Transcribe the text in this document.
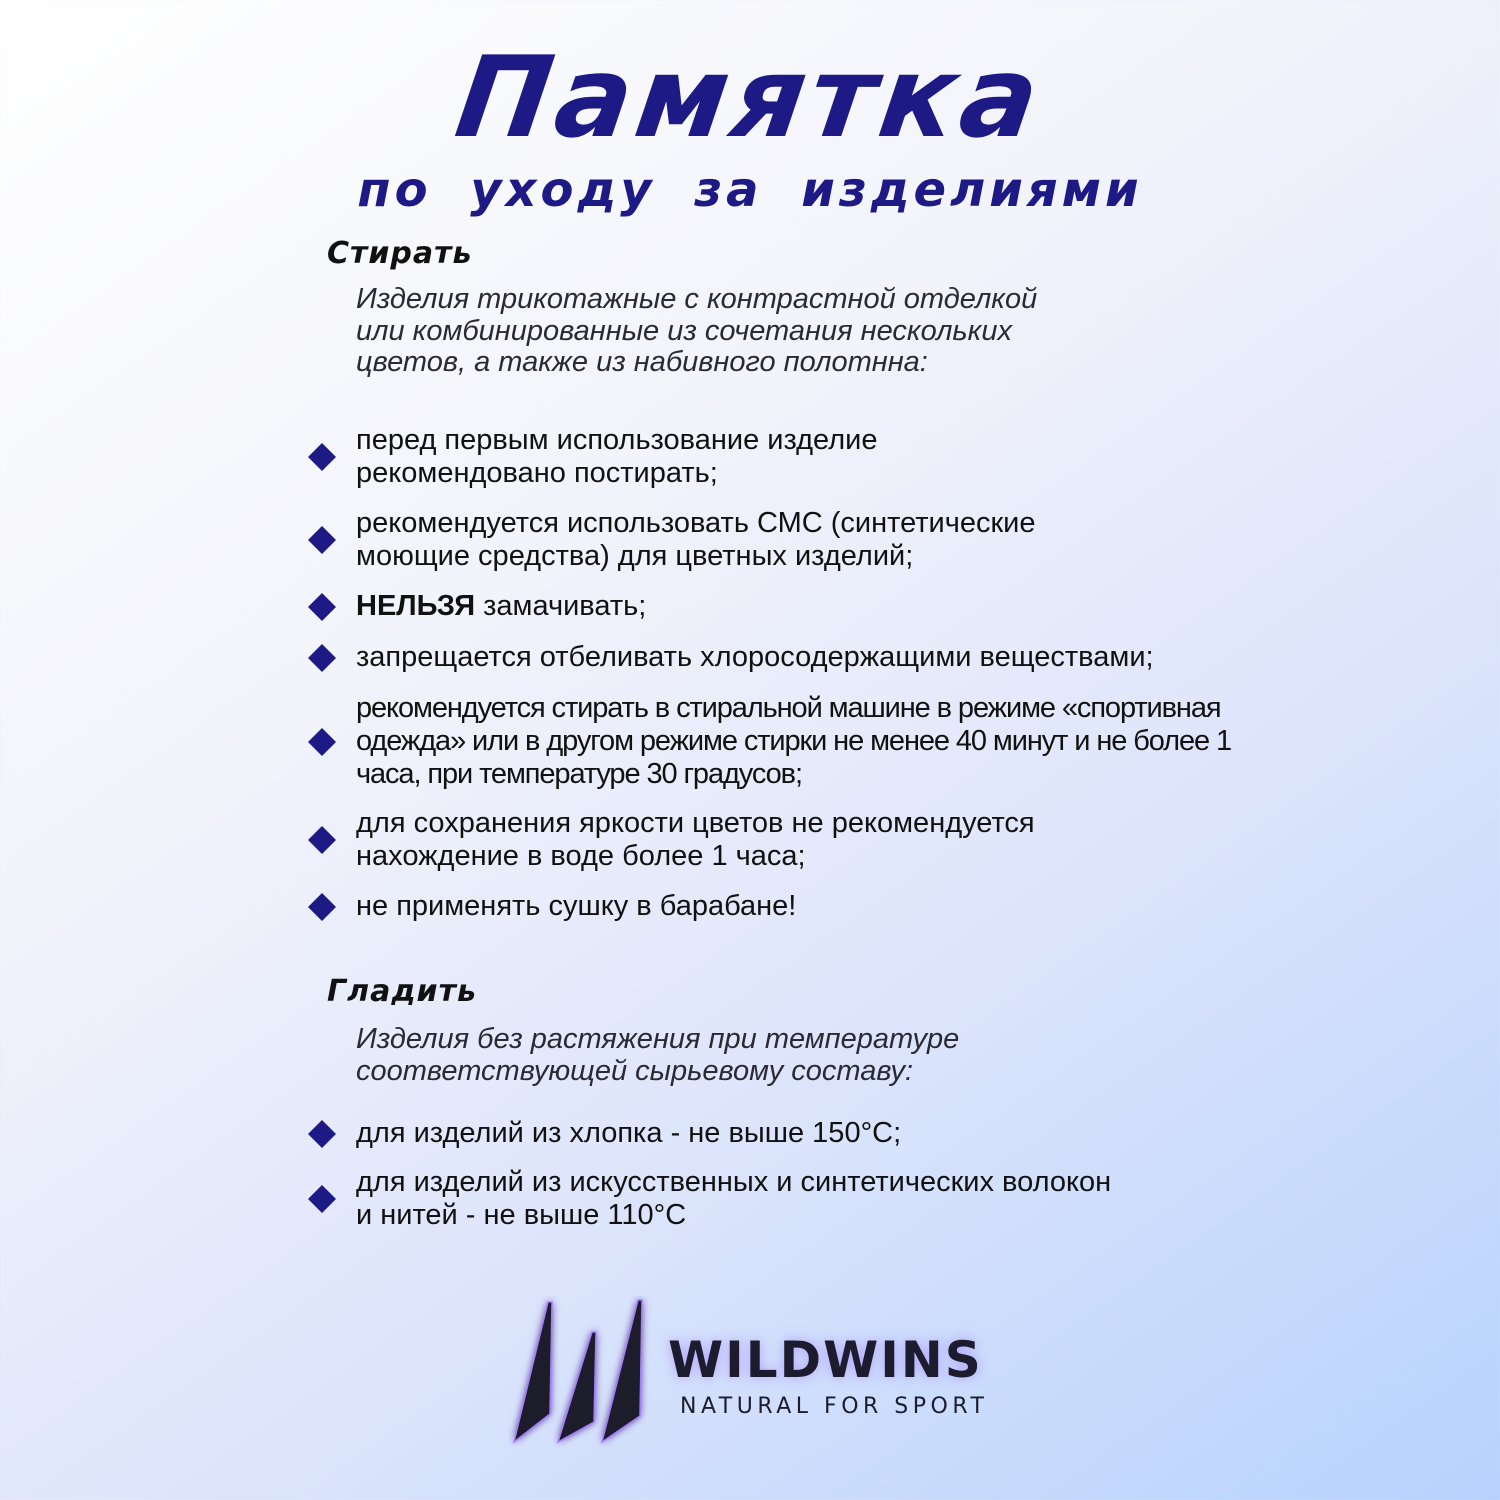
Памятка
по уходу за изделиями
Стирать

Изделия трикотажные с контрастной отделкой или комбинированные из сочетания нескольких цветов, а также из набивного полотнна:

перед первым использование изделие рекомендовано постирать;
рекомендуется использовать СМС (синтетические моющие средства) для цветных изделий;
НЕЛЬЗЯ замачивать;
запрещается отбеливать хлоросодержащими веществами;
рекомендуется стирать в стиральной машине в режиме «спортивная одежда» или в другом режиме стирки не менее 40 минут и не более 1 часа, при температуре 30 градусов;
для сохранения яркости цветов не рекомендуется нахождение в воде более 1 часа;
не применять сушку в барабане!
Гладить

Изделия без растяжения при температуре соответствующей сырьевому составу:

для изделий из хлопка - не выше 150°С;
для изделий из искусственных и синтетических волокон и нитей - не выше 110°С
WILDWINS
NATURAL FOR SPORT
